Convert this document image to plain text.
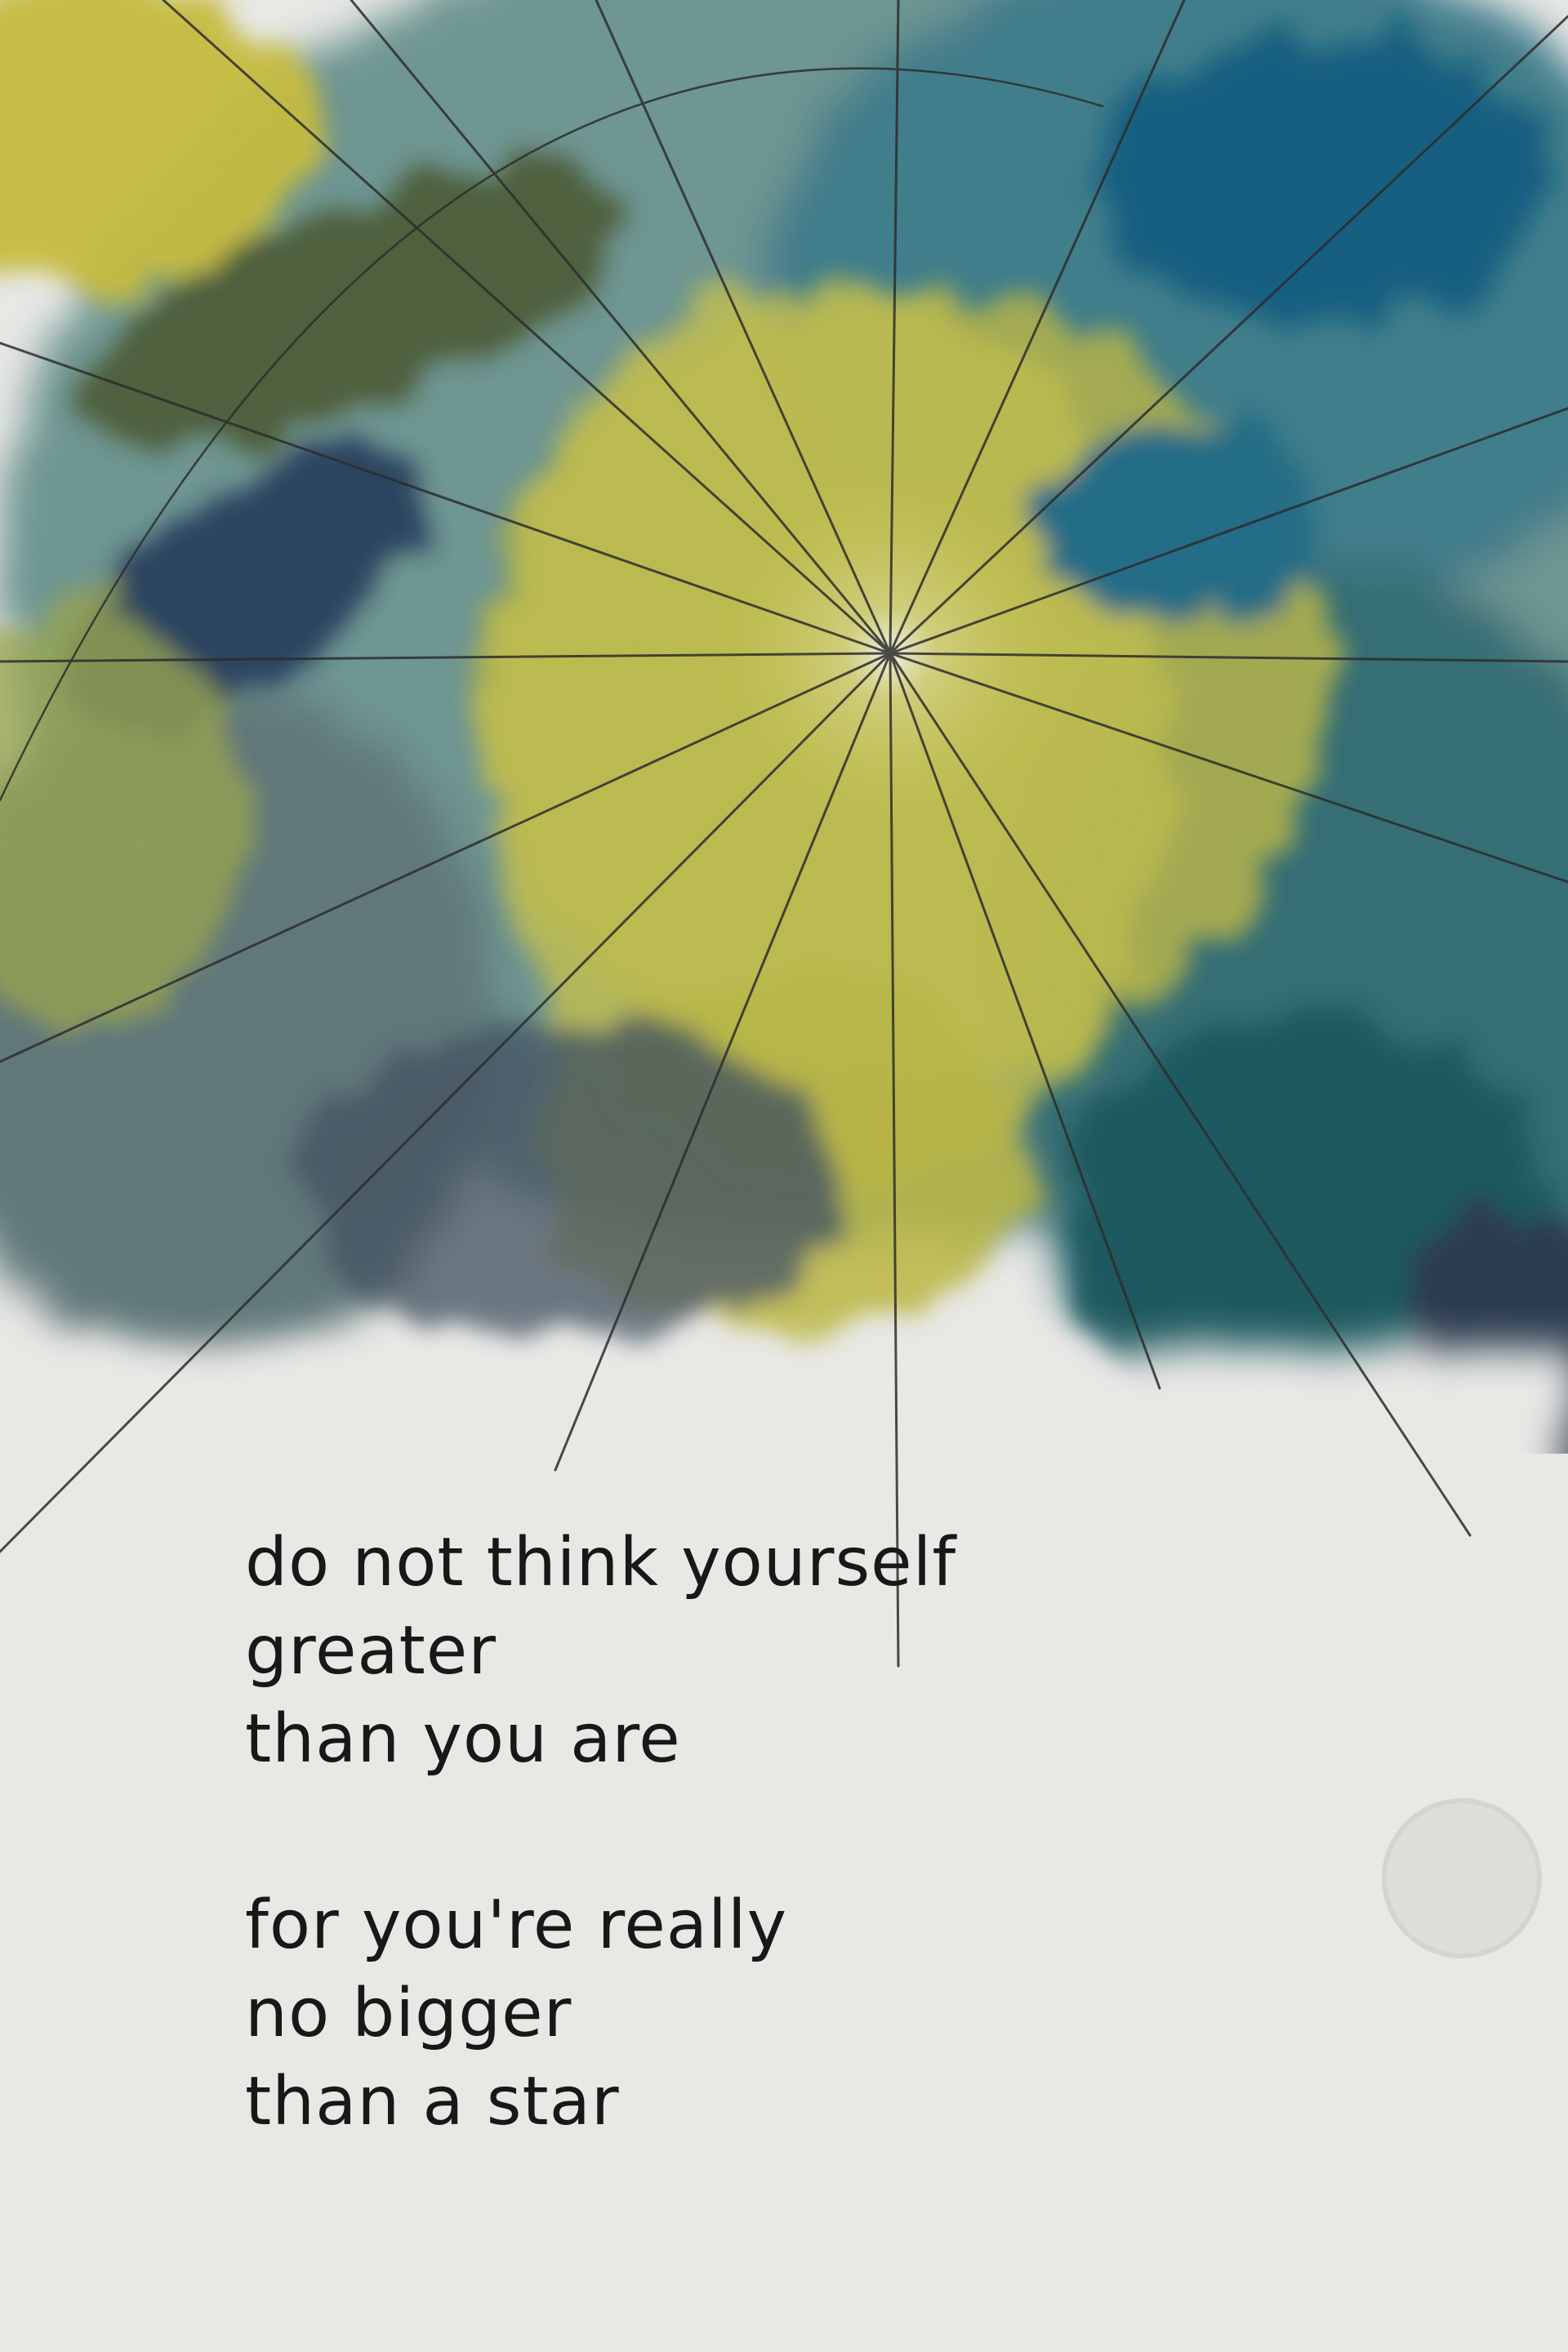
do not think yourself
greater
than you are
for you're really
no bigger
than a star
